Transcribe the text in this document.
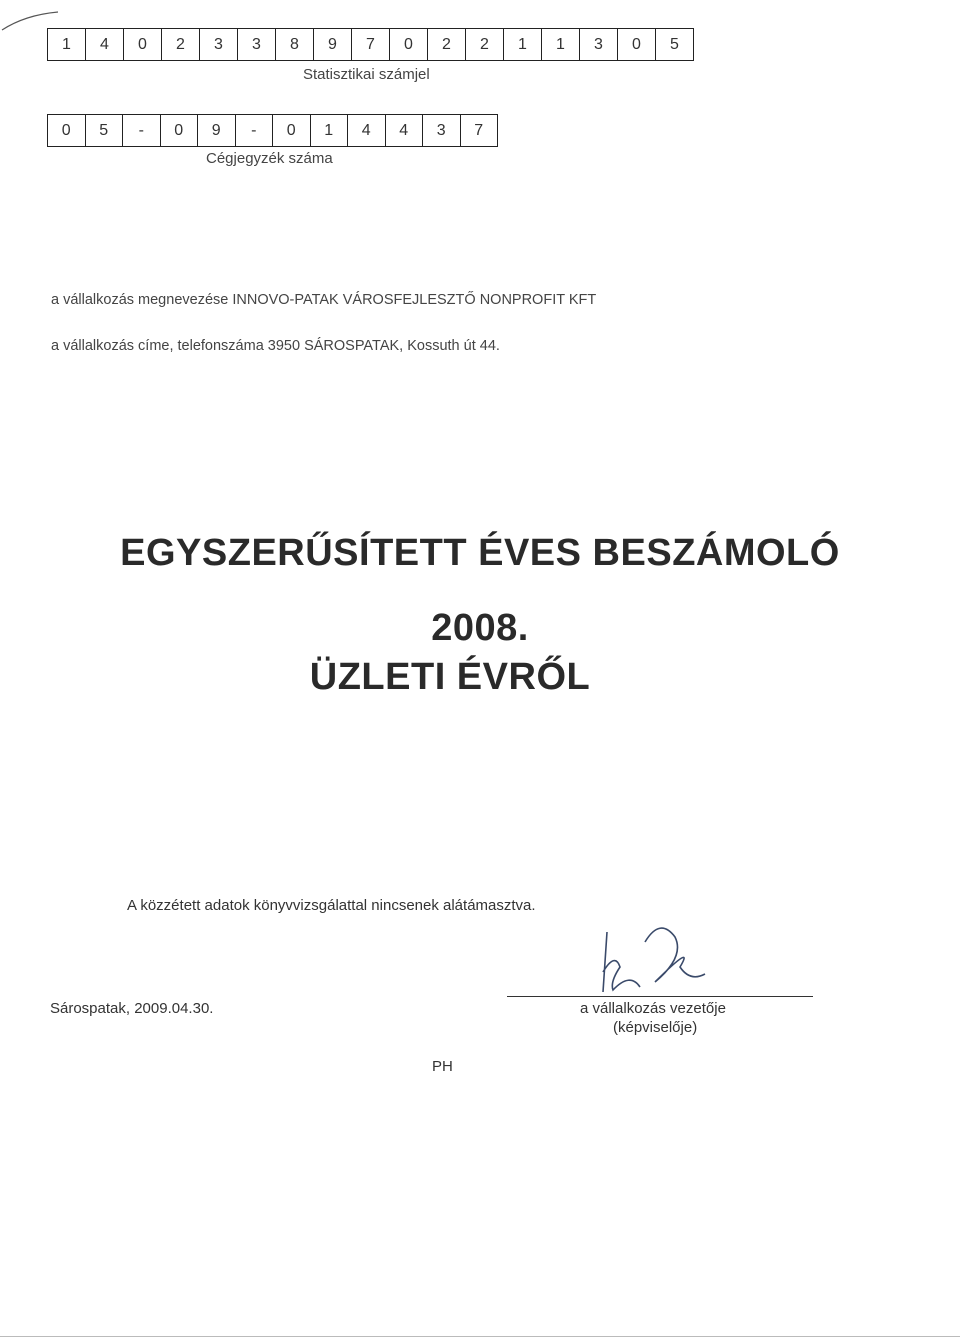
1	4	0	2	3	3	8	9	7	0	2	2	1	1	3	0	5
Statisztikai számjel
0	5	-	0	9	-	0	1	4	4	3	7
Cégjegyzék száma
a vállalkozás megnevezése INNOVO-PATAK VÁROSFEJLESZTŐ NONPROFIT KFT
a vállalkozás címe, telefonszáma 3950 SÁROSPATAK, Kossuth út 44.
EGYSZERŰSÍTETT ÉVES BESZÁMOLÓ
2008.
ÜZLETI ÉVRŐL
A közzétett adatok könyvvizsgálattal nincsenek alátámasztva.
Sárospatak, 2009.04.30.	a vállalkozás vezetője
(képviselője)
PH
